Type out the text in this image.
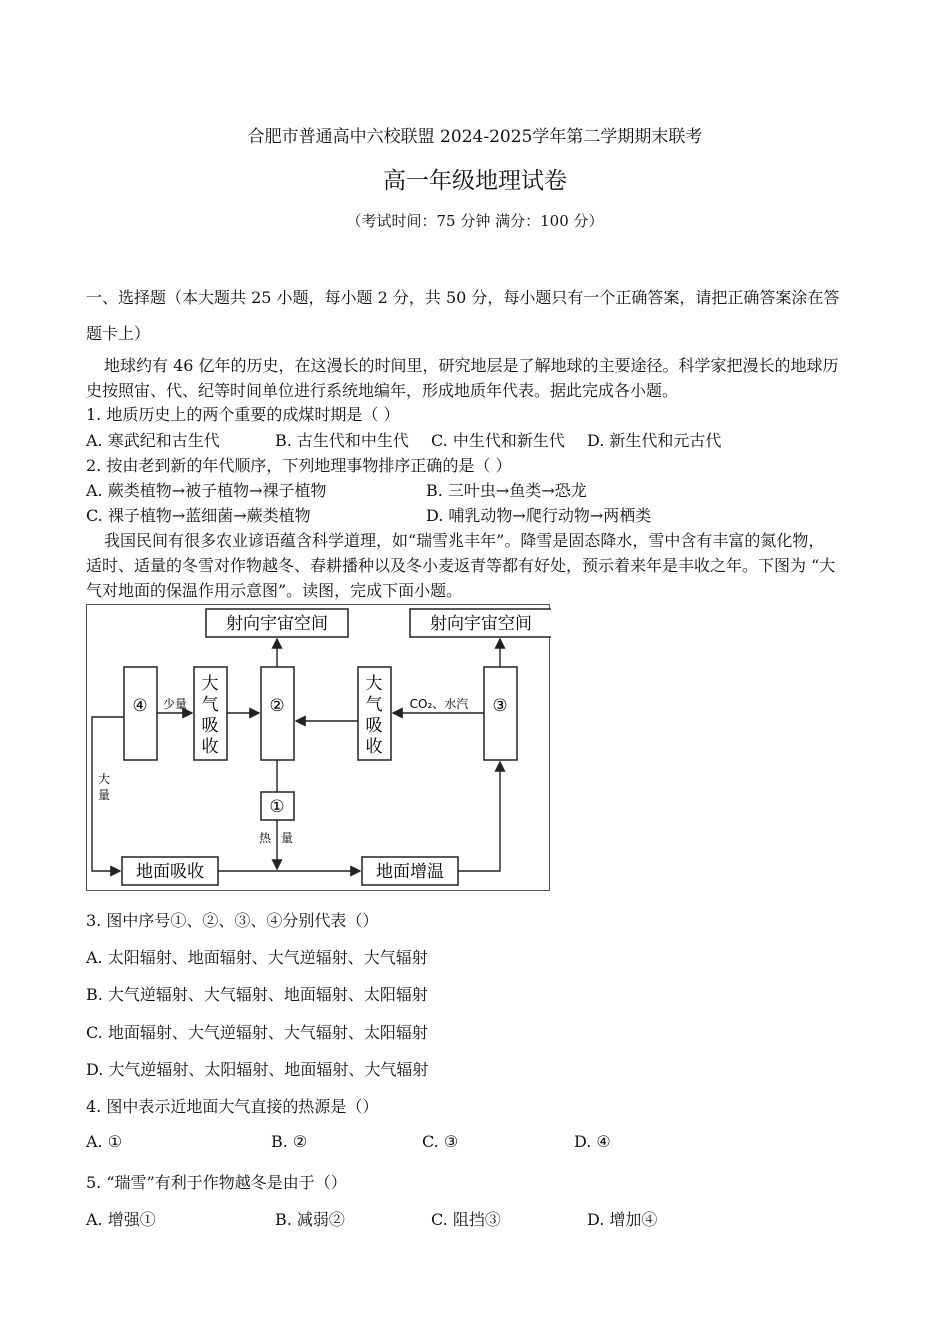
合肥市普通高中六校联盟 2024-2025学年第二学期期末联考
高一年级地理试卷
（考试时间：75 分钟 满分：100 分）
一、选择题（本大题共 25 小题，每小题 2 分，共 50 分，每小题只有一个正确答案，请把正确答案涂在答
题卡上）
地球约有 46 亿年的历史，在这漫长的时间里，研究地层是了解地球的主要途径。科学家把漫长的地球历
史按照宙、代、纪等时间单位进行系统地编年，形成地质年代表。据此完成各小题。
1. 地质历史上的两个重要的成煤时期是（ ）
A. 寒武纪和古生代	B. 古生代和中生代 C. 中生代和新生代 D. 新生代和元古代
2. 按由老到新的年代顺序，下列地理事物排序正确的是（ ）
A. 蕨类植物→被子植物→裸子植物	B. 三叶虫→鱼类→恐龙
C. 裸子植物→蓝细菌→蕨类植物	D. 哺乳动物→爬行动物→两栖类
我国民间有很多农业谚语蕴含科学道理，如“瑞雪兆丰年”。降雪是固态降水，雪中含有丰富的氮化物，
适时、适量的冬雪对作物越冬、春耕播种以及冬小麦返青等都有好处，预示着来年是丰收之年。下图为 “大
气对地面的保温作用示意图”。读图，完成下面小题。
射向宇宙空间	射向宇宙空间
④
大
气
吸
收
②
大
气
吸
收
③
①
地面吸收	地面增温
少量	CO₂、水汽
热 量
大
量
3. 图中序号①、②、③、④分别代表（）
A. 太阳辐射、地面辐射、大气逆辐射、大气辐射
B. 大气逆辐射、大气辐射、地面辐射、太阳辐射
C. 地面辐射、大气逆辐射、大气辐射、太阳辐射
D. 大气逆辐射、太阳辐射、地面辐射、大气辐射
4. 图中表示近地面大气直接的热源是（）
A. ①	B. ②	C. ③	D. ④
5. “瑞雪”有利于作物越冬是由于（）
A. 增强①	B. 减弱②	C. 阻挡③	D. 增加④
